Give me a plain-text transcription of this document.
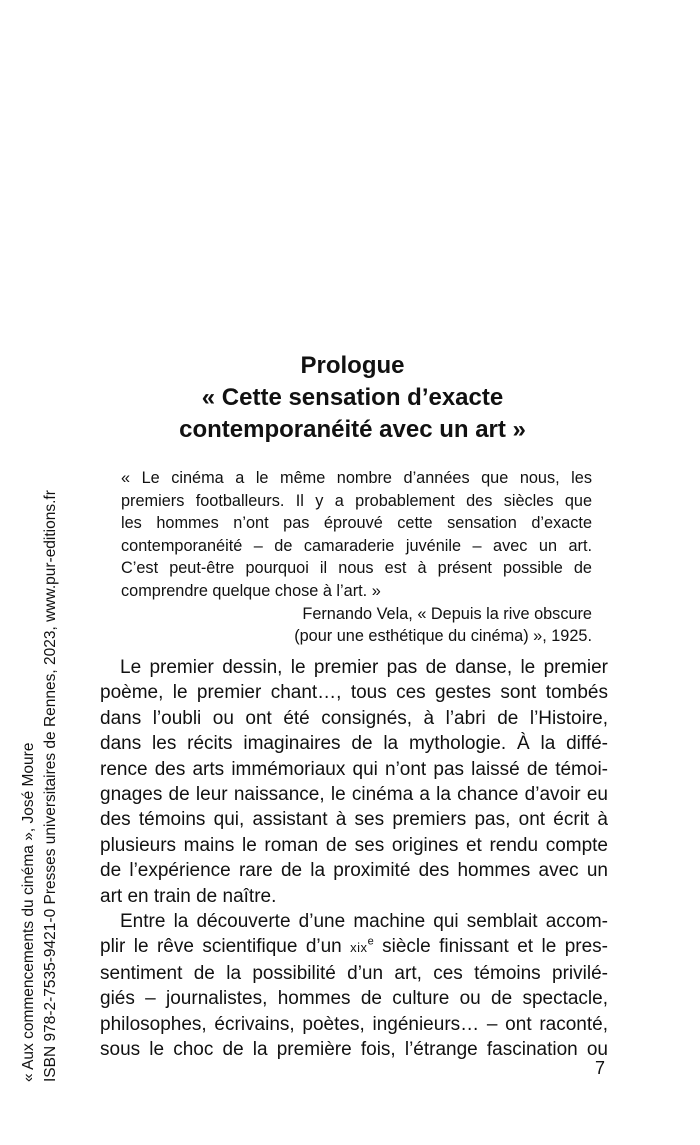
« Aux commencements du cinéma », José Moure ISBN 978-2-7535-9421-0 Presses universitaires de Rennes, 2023, www.pur-editions.fr
Prologue
« Cette sensation d’exacte
contemporanéité avec un art »
« Le cinéma a le même nombre d’années que nous, les
premiers footballeurs. Il y a probablement des siècles que
les hommes n’ont pas éprouvé cette sensation d’exacte
contemporanéité – de camaraderie juvénile – avec un art.
C’est peut-être pourquoi il nous est à présent possible de
comprendre quelque chose à l’art. »
Fernando Vela, « Depuis la rive obscure
(pour une esthétique du cinéma) », 1925.
Le premier dessin, le premier pas de danse, le premier
poème, le premier chant…, tous ces gestes sont tombés
dans l’oubli ou ont été consignés, à l’abri de l’Histoire,
dans les récits imaginaires de la mythologie. À la diffé-
rence des arts immémoriaux qui n’ont pas laissé de témoi-
gnages de leur naissance, le cinéma a la chance d’avoir eu
des témoins qui, assistant à ses premiers pas, ont écrit à
plusieurs mains le roman de ses origines et rendu compte
de l’expérience rare de la proximité des hommes avec un
art en train de naître.
Entre la découverte d’une machine qui semblait accom-
plir le rêve scientifique d’un xix$^e$ siècle finissant et le pres-
sentiment de la possibilité d’un art, ces témoins privilé-
giés – journalistes, hommes de culture ou de spectacle,
philosophes, écrivains, poètes, ingénieurs… – ont raconté,
sous le choc de la première fois, l’étrange fascination ou
7
